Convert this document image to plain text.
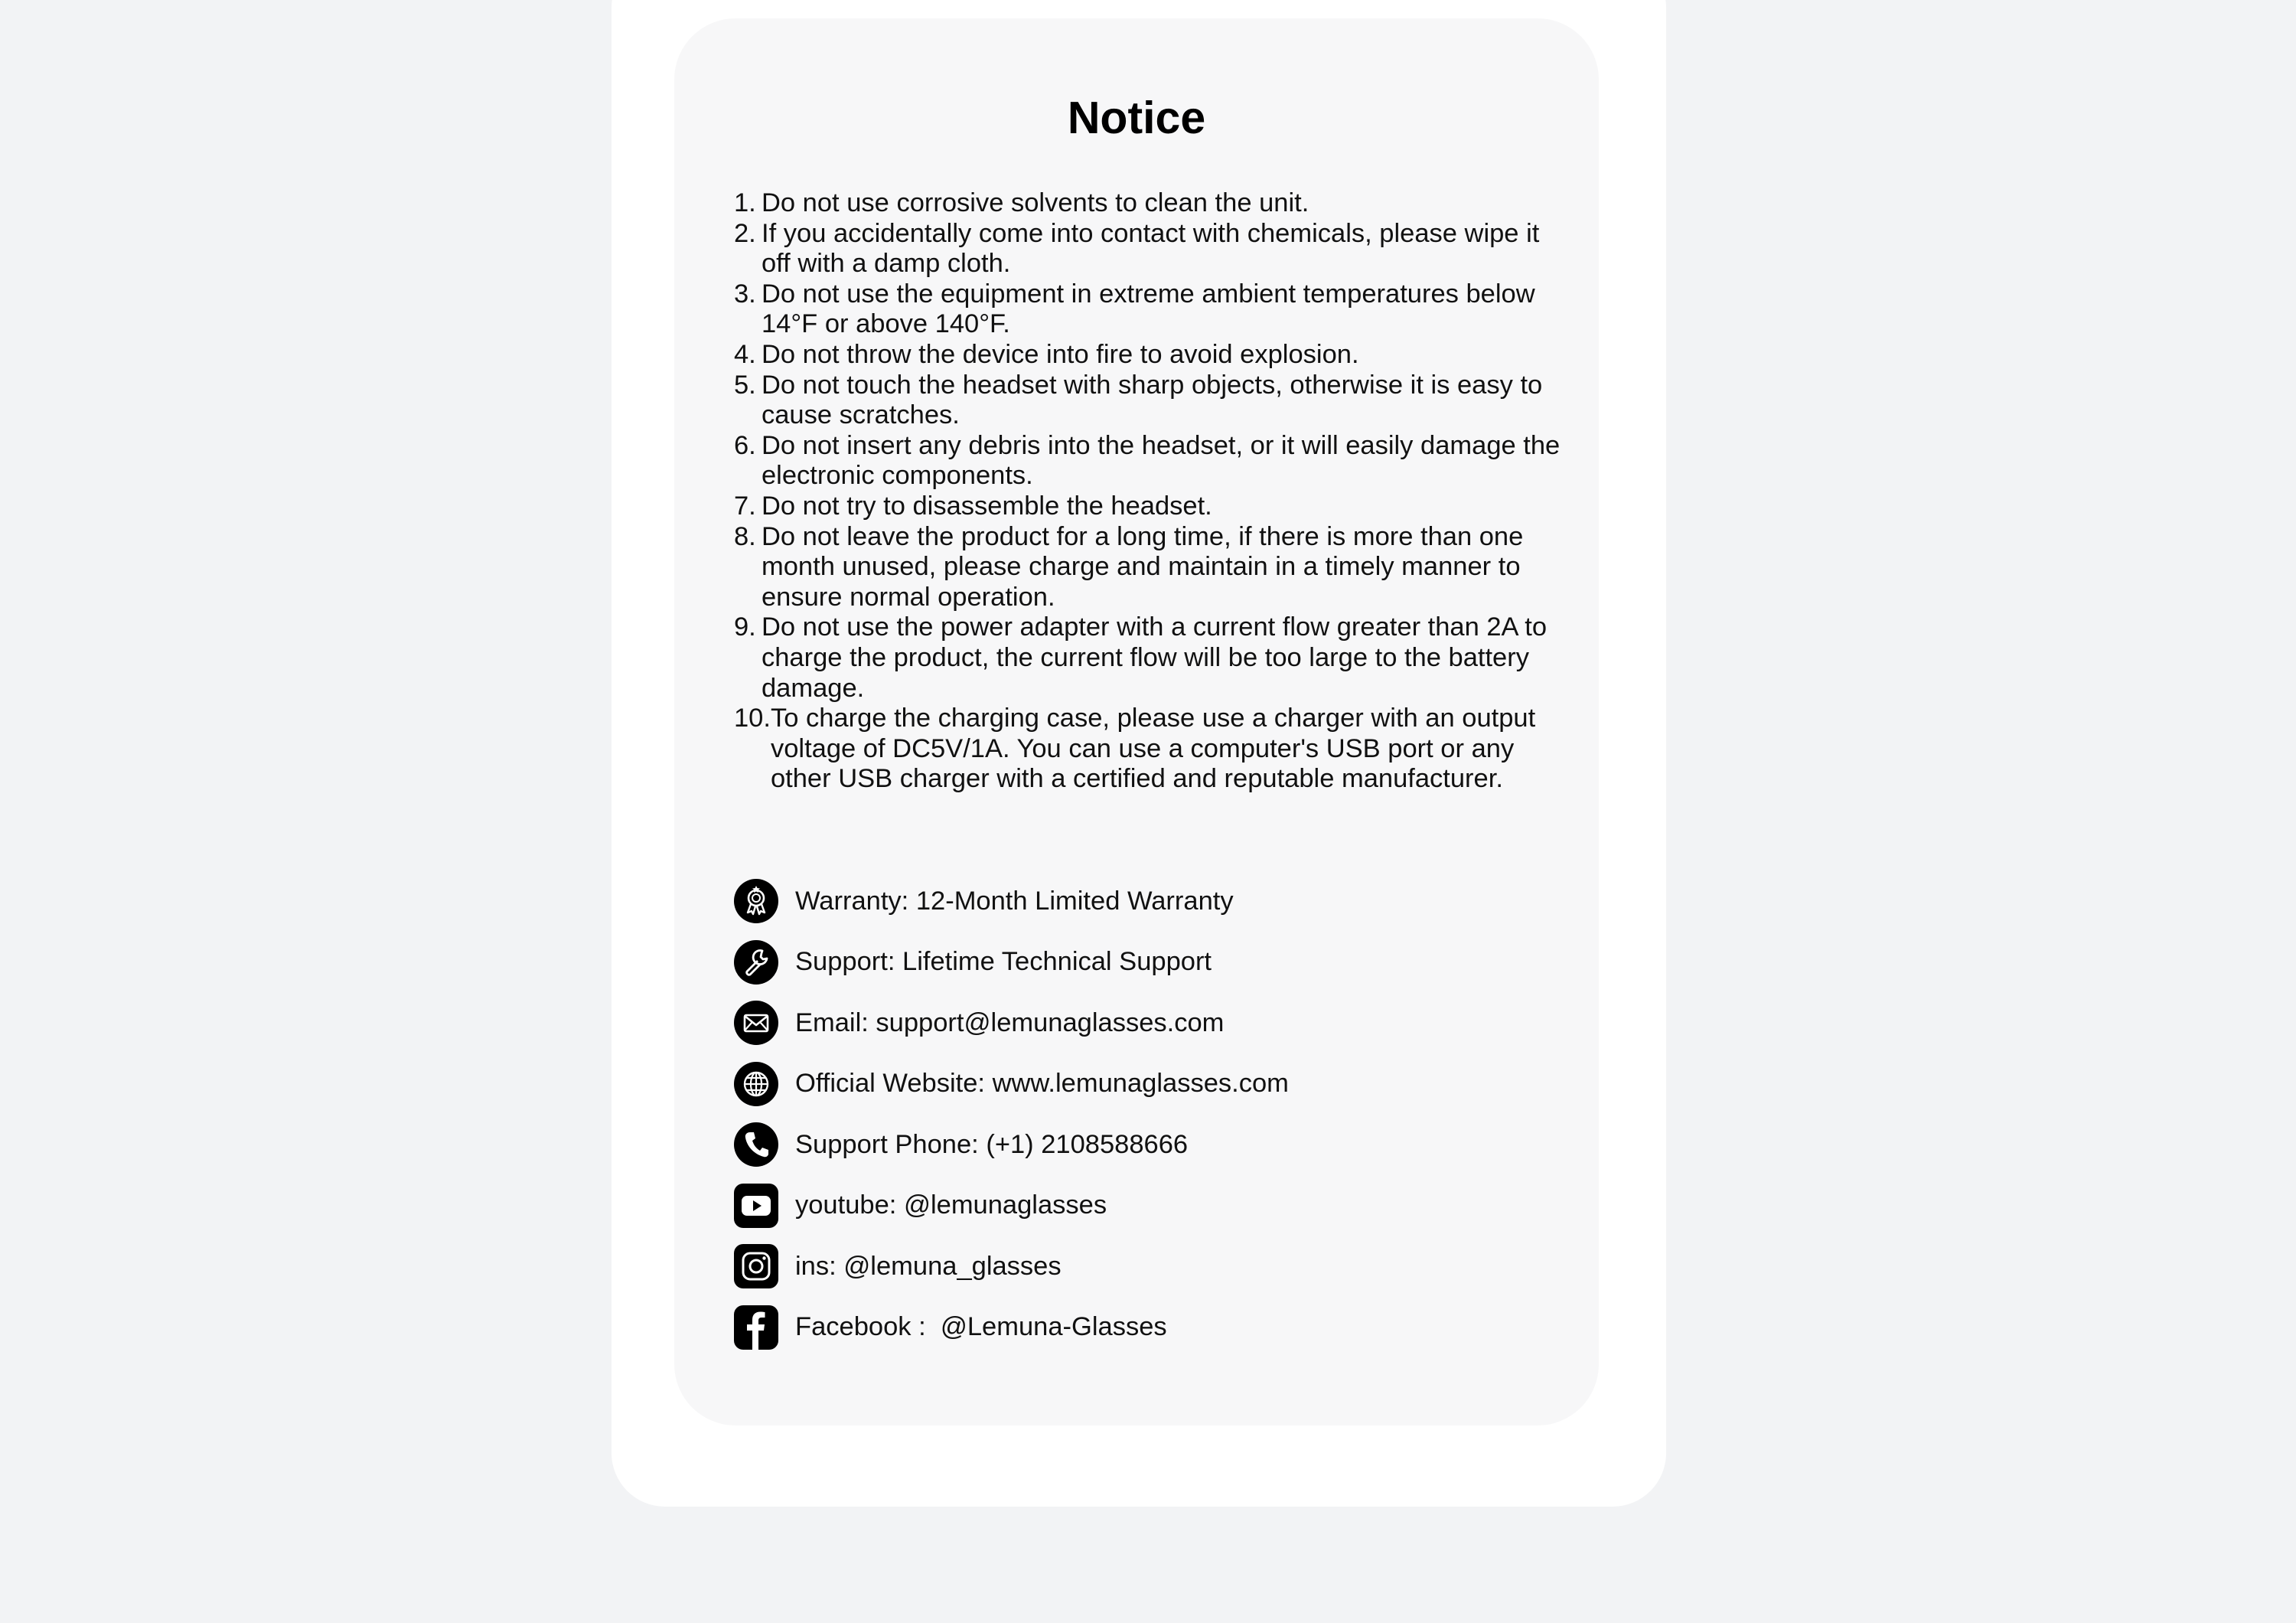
Notice
1. Do not use corrosive solvents to clean the unit.
2. If you accidentally come into contact with chemicals, please wipe it off with a damp cloth.
3. Do not use the equipment in extreme ambient temperatures below 14°F or above 140°F.
4. Do not throw the device into fire to avoid explosion.
5. Do not touch the headset with sharp objects, otherwise it is easy to cause scratches.
6. Do not insert any debris into the headset, or it will easily damage the electronic components.
7. Do not try to disassemble the headset.
8. Do not leave the product for a long time, if there is more than one month unused, please charge and maintain in a timely manner to ensure normal operation.
9. Do not use the power adapter with a current flow greater than 2A to charge the product, the current flow will be too large to the battery damage.
10. To charge the charging case, please use a charger with an output voltage of DC5V/1A. You can use a computer's USB port or any other USB charger with a certified and reputable manufacturer.
Warranty: 12-Month Limited Warranty
Support: Lifetime Technical Support
Email: support@lemunaglasses.com
Official Website: www.lemunaglasses.com
Support Phone: (+1) 2108588666
youtube: @lemunaglasses
ins: @lemuna_glasses
Facebook :  @Lemuna-Glasses
